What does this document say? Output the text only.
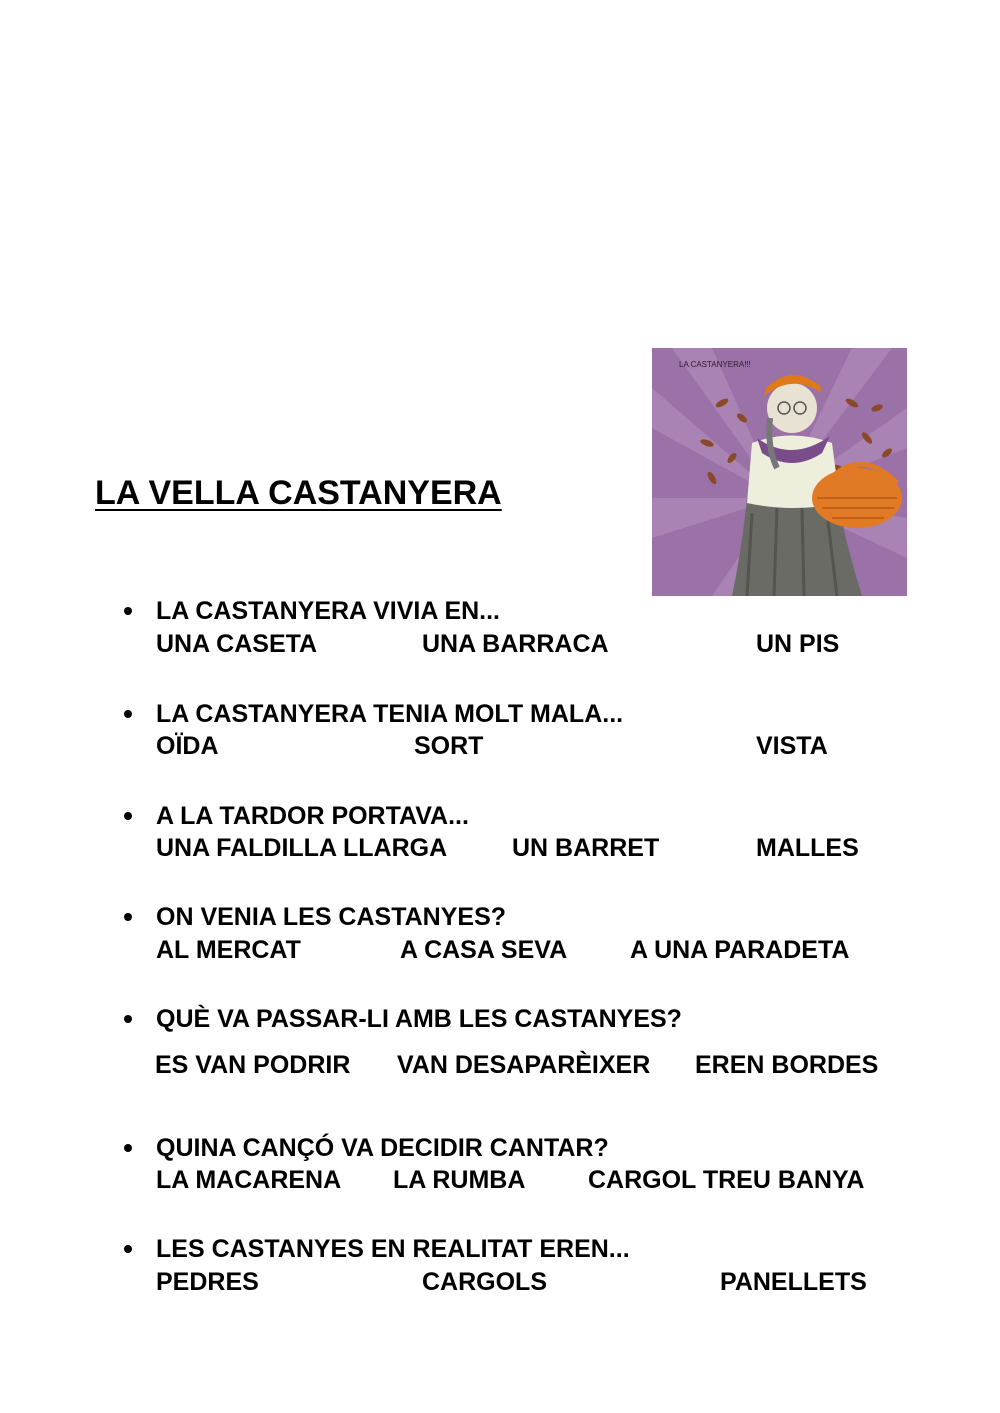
LA VELLA CASTANYERA
LA CASTANYERA!!!
LA CASTANYERA VIVIA EN...
UNA CASETA	UNA BARRACA	UN PIS
LA CASTANYERA TENIA MOLT MALA...
OÏDA	SORT	VISTA
A LA TARDOR PORTAVA...
UNA FALDILLA LLARGA	UN BARRET	MALLES
ON VENIA LES CASTANYES?
AL MERCAT	A CASA SEVA	A UNA PARADETA
QUÈ VA PASSAR-LI AMB LES CASTANYES?
ES VAN PODRIR VAN DESAPARÈIXER EREN BORDES
QUINA CANÇÓ VA DECIDIR CANTAR?
LA MACARENA LA RUMBA	CARGOL TREU BANYA
LES CASTANYES EN REALITAT EREN...
PEDRES	CARGOLS	PANELLETS
